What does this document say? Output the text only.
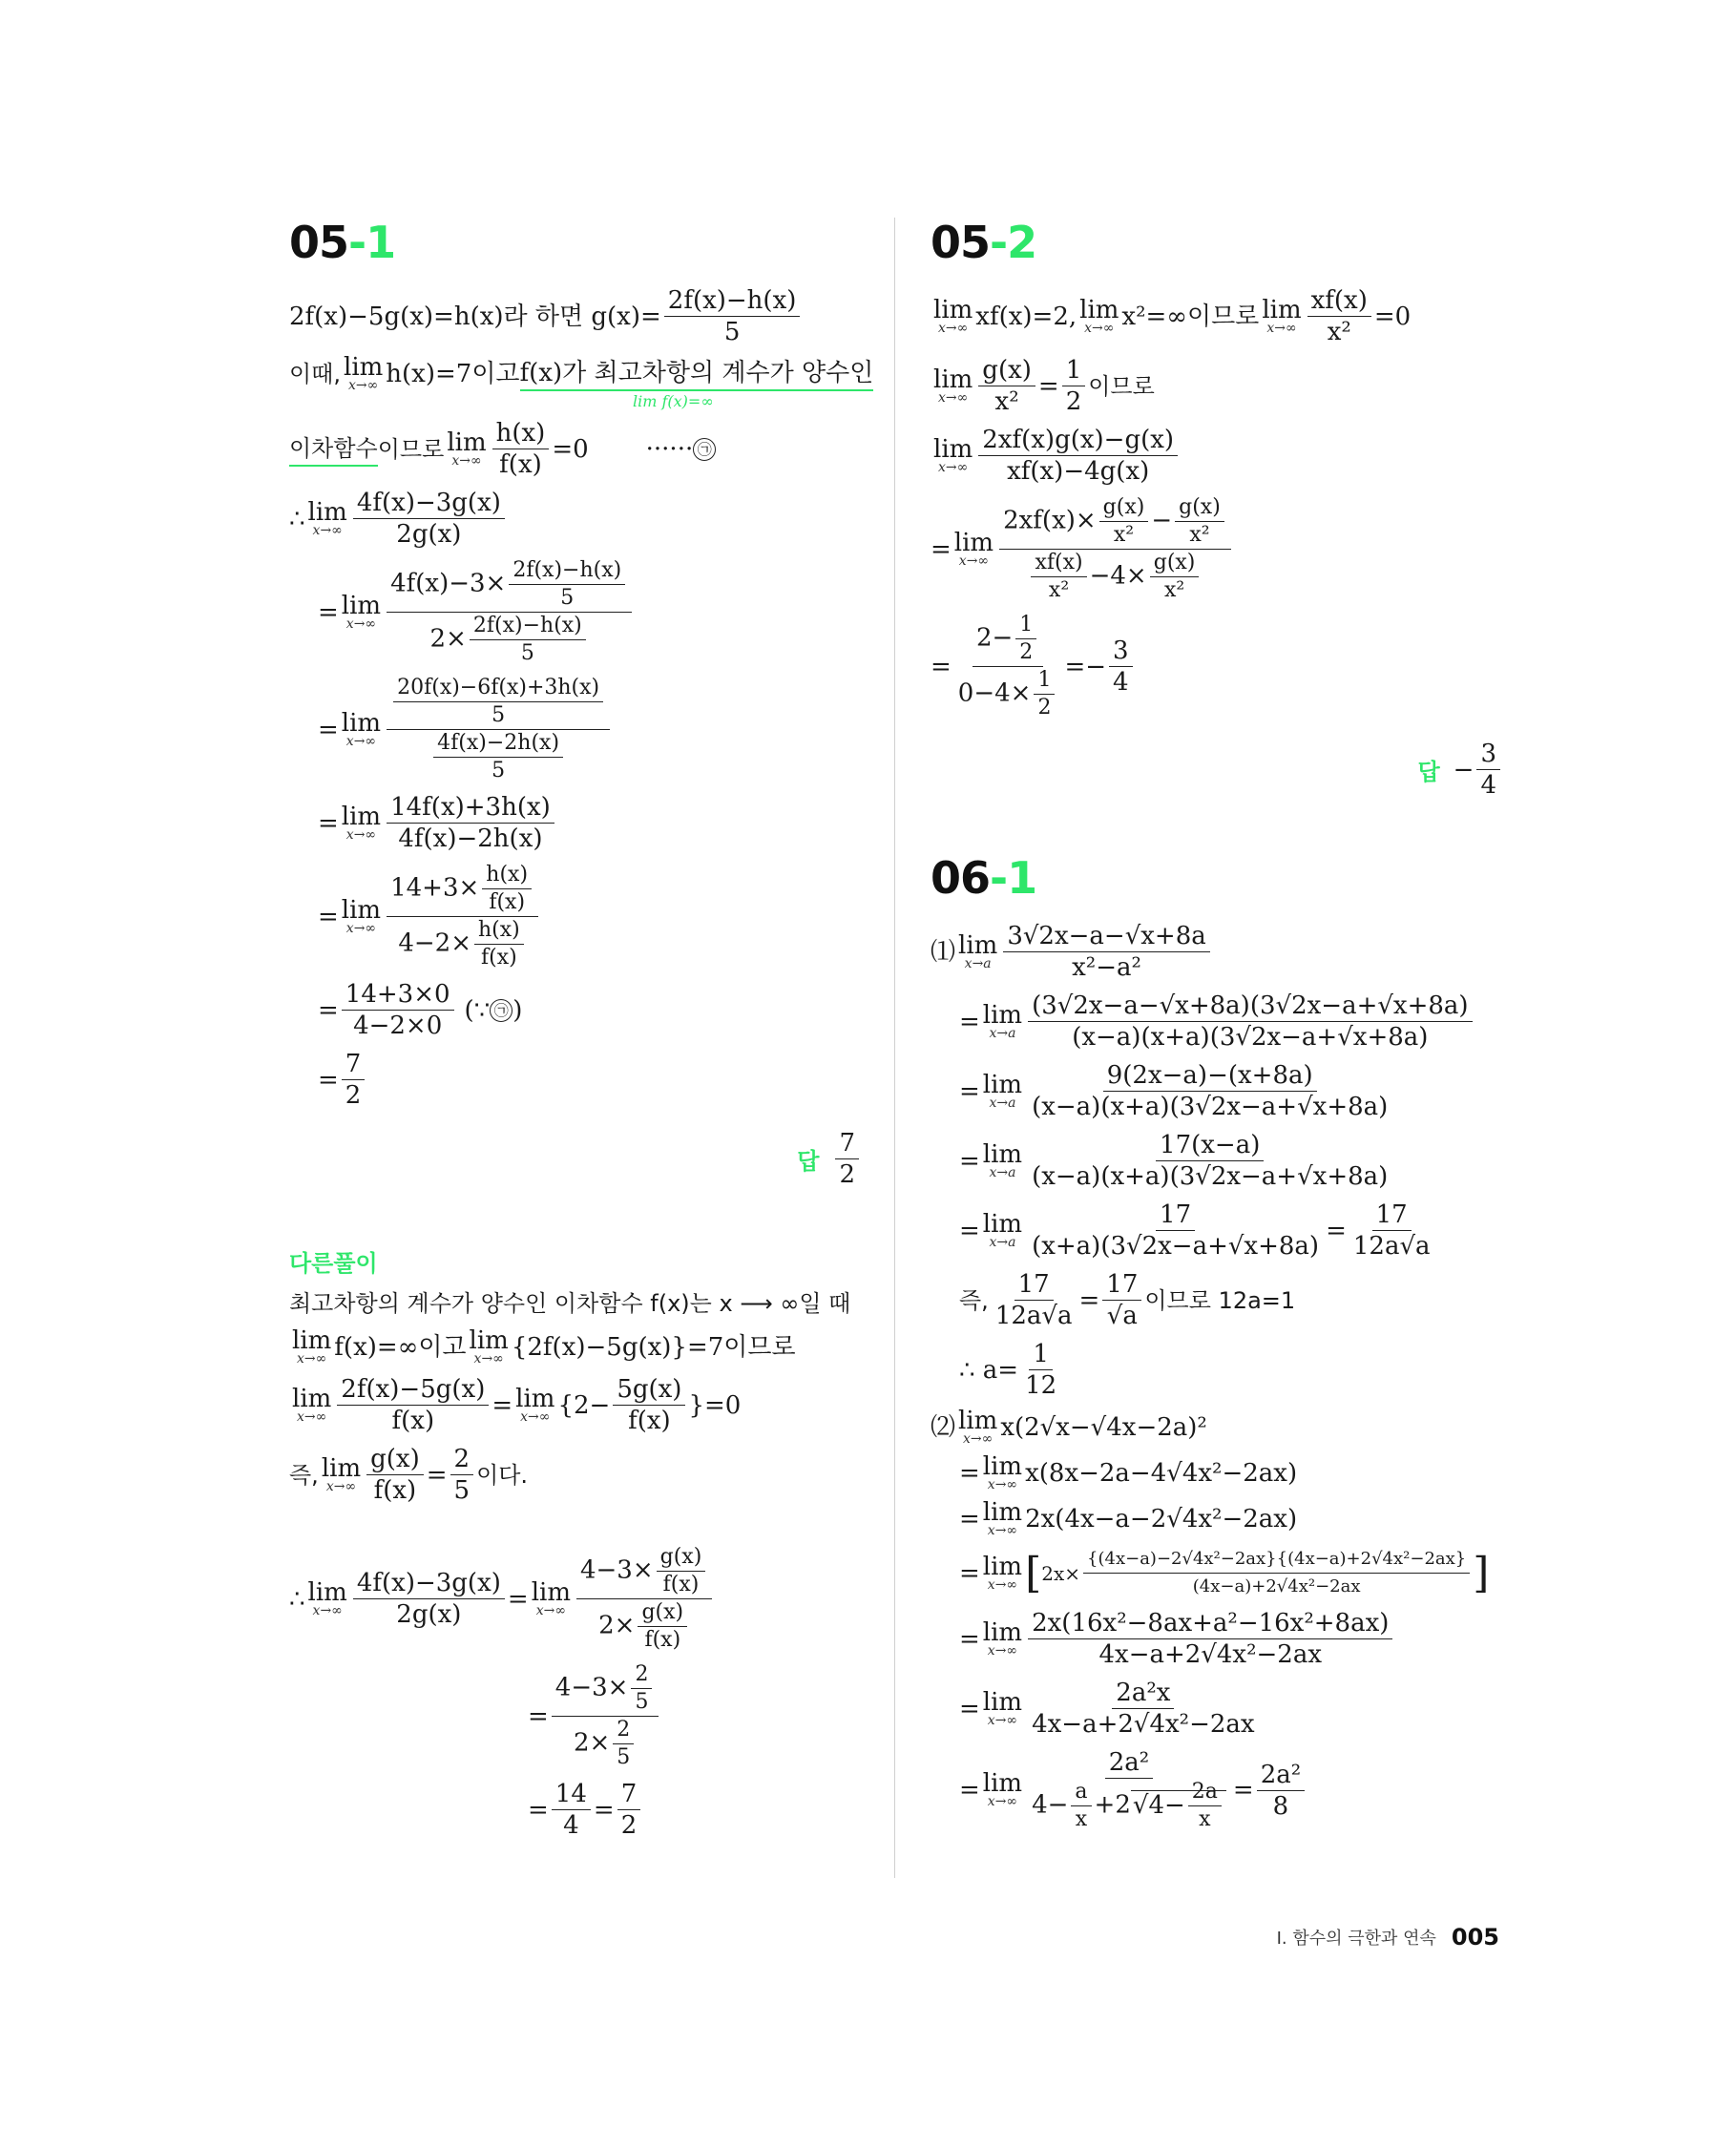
05-1
2f(x)−5g(x)=h(x)라 하면 $g(x)= \frac{2f(x)-h(x)}{5}$
이때, lim
x→∞ h(x)=7이고 f(x)가 최고차항의 계수가 양수인
lim f(x)=∞
이차함수 이므로 lim
$x\to\infty \frac{h(x)}{f(x)} =0$ ······ ㉠
∴ lim
$x\to\infty \frac{4f(x)-3g(x)}{2g(x)}$
= lim
$x\to\infty \frac{4f(x)-3\times \frac{2f(x)-h(x)}{5}}{2\times \frac{2f(x)-h(x)}{5}}$
= lim
$x\to\infty \frac{\frac{20f(x)-6f(x)+3h(x)}{5}}{\frac{4f(x)-2h(x)}{5}}$
= lim
$x\to\infty \frac{14f(x)+3h(x)}{4f(x)-2h(x)}$
= lim
$x\to\infty \frac{14+3\times \frac{h(x)}{f(x)}}{4-2\times \frac{h(x)}{f(x)}}$
= $\frac{14+3\times 0}{4-2\times 0}$ (∵ ㉠ )
= $\frac{7}{2}$
답 $\frac{7}{2}$
다른풀이
최고차항의 계수가 양수인 이차함수 f(x)는 x ⟶ ∞일 때
lim
x→∞ f(x)=∞이고 lim
x→∞ {2f(x)−5g(x)}=7이므로
lim
$x\to\infty \frac{2f(x)-5g(x)}{f(x)} = \lim$
x→∞ $\{2- \frac{5g(x)}{f(x)} \}=0$
즉, lim
$x\to\infty \frac{g(x)}{f(x)} = \frac{2}{5}$ 이다.
∴ lim
$x\to\infty \frac{4f(x)-3g(x)}{2g(x)} = \lim$
$x\to\infty \frac{4-3\times \frac{g(x)}{f(x)}}{2\times \frac{g(x)}{f(x)}}$
= $\frac{4-3\times \frac{2}{5}}{2\times \frac{2}{5}}$
= $\frac{14}{4} = \frac{7}{2}$
05-2
lim
x→∞ xf(x)=2, lim
x→∞ x²=∞이므로 lim
$x\to\infty \frac{xf(x)}{\text{x²}} =0$
lim
$x\to\infty \frac{g(x)}{\text{x²}} = \frac{1}{2}$ 이므로
lim
$x\to\infty \frac{2xf(x)g(x)-g(x)}{xf(x)-4g(x)}$
= lim
$x\to\infty \frac{2xf(x)\times \frac{g(x)}{\text{x²}} - \frac{g(x)}{\text{x²}}}{\frac{xf(x)}{\text{x²}} -4\times \frac{g(x)}{\text{x²}}}$
= $\frac{2- \frac{1}{2}}{0-4\times \frac{1}{2}} =- \frac{3}{4}$
답 − $\frac{3}{4}$
06-1
⑴ lim
$x\to a \frac{3√2x-a-√x+8a}{\text{x²−a²}}$
= lim
$x\to a \frac{(3√2x-a-√x+8a)(3√2x-a+√x+8a)}{(x-a)(x+a)(3√2x-a+√x+8a)}$
= lim
$x\to a \frac{9(2x-a)-(x+8a)}{(x-a)(x+a)(3√2x-a+√x+8a)}$
= lim
$x\to a \frac{17(x-a)}{(x-a)(x+a)(3√2x-a+√x+8a)}$
= lim
$x\to a \frac{17}{(x+a)(3√2x-a+√x+8a)} = \frac{17}{12a√a}$
즉, $\frac{17}{12a√a} = \frac{17}{√a}$ 이므로 12a=1
∴ $a= \frac{1}{12}$
⑵ lim
x→∞ x(2√x−√4x−2a)²
= lim
x→∞ x(8x−2a−4√4x²−2ax)
= lim
x→∞ 2x(4x−a−2√4x²−2ax)
= lim
x→∞ [ $2x\times \frac{\text{\{(4x−a)−2√4x²−2ax\}\{(4x−a)+2√4x²−2ax\}}}{\text{(4x−a)+2√4x²−2ax}}$ ]
= lim
$x\to\infty \frac{\text{2x(16x²−8ax+a²−16x²+8ax)}}{\text{4x−a+2√4x²−2ax}}$
= lim
$x\to\infty \frac{\text{2a²x}}{\text{4x−a+2√4x²−2ax}}$
= lim
$x\to\infty \frac{\text{2a²}}{4- \frac{a}{x} +2√4- \frac{2a}{x}} = \frac{\text{2a²}}{8}$
Ⅰ. 함수의 극한과 연속 005
